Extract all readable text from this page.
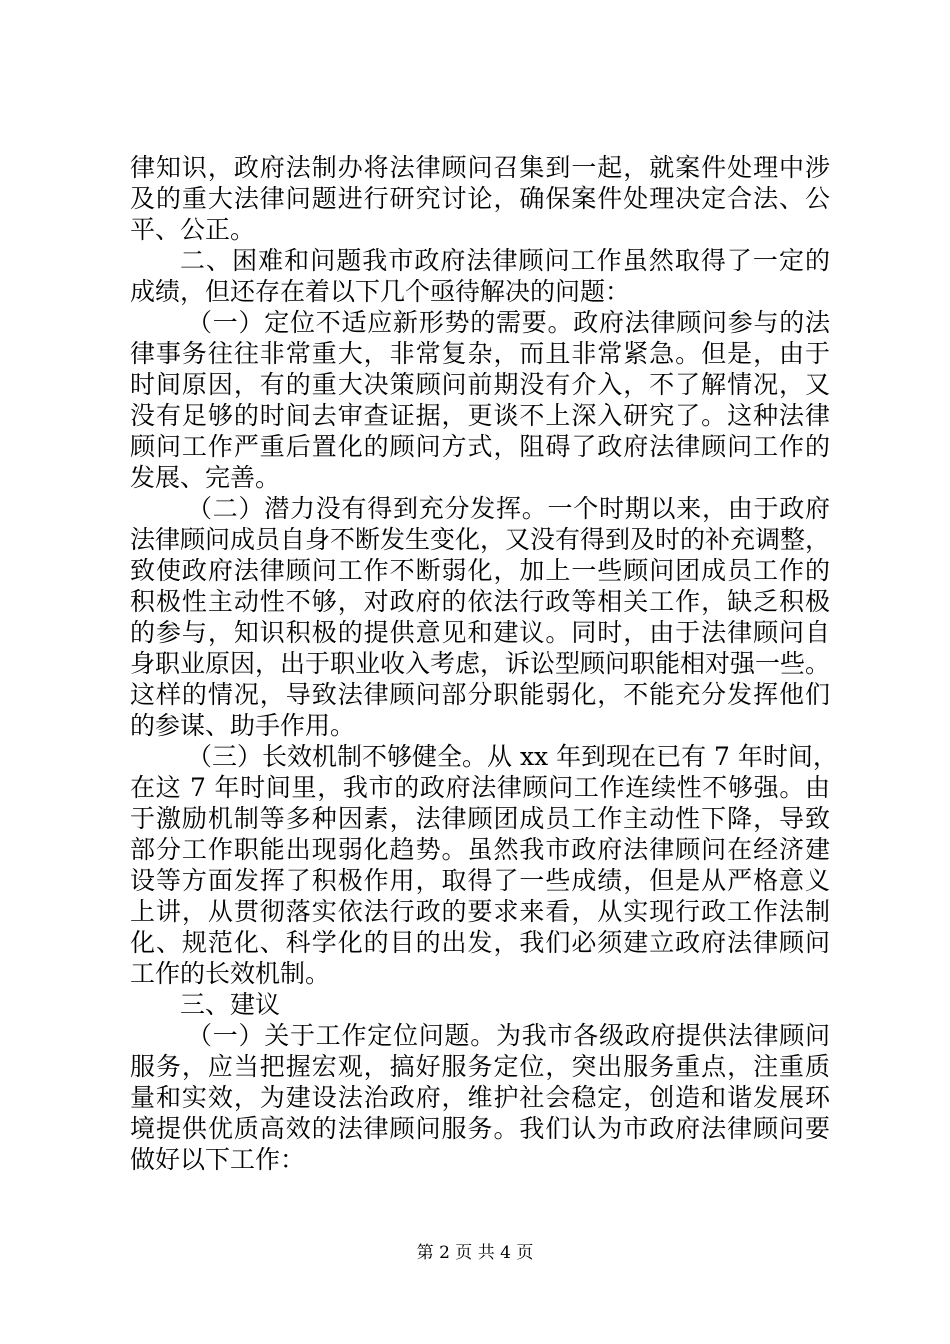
律知识，政府法制办将法律顾问召集到一起，就案件处理中涉
及的重大法律问题进行研究讨论，确保案件处理决定合法、公
平、公正。
二、困难和问题我市政府法律顾问工作虽然取得了一定的
成绩，但还存在着以下几个亟待解决的问题：
（一）定位不适应新形势的需要。政府法律顾问参与的法
律事务往往非常重大，非常复杂，而且非常紧急。但是，由于
时间原因，有的重大决策顾问前期没有介入，不了解情况，又
没有足够的时间去审查证据，更谈不上深入研究了。这种法律
顾问工作严重后置化的顾问方式，阻碍了政府法律顾问工作的
发展、完善。
（二）潜力没有得到充分发挥。一个时期以来，由于政府
法律顾问成员自身不断发生变化，又没有得到及时的补充调整，
致使政府法律顾问工作不断弱化，加上一些顾问团成员工作的
积极性主动性不够，对政府的依法行政等相关工作，缺乏积极
的参与，知识积极的提供意见和建议。同时，由于法律顾问自
身职业原因，出于职业收入考虑，诉讼型顾问职能相对强一些。
这样的情况，导致法律顾问部分职能弱化，不能充分发挥他们
的参谋、助手作用。
（三）长效机制不够健全。从 xx 年到现在已有 7 年时间，
在这 7 年时间里，我市的政府法律顾问工作连续性不够强。由
于激励机制等多种因素，法律顾团成员工作主动性下降，导致
部分工作职能出现弱化趋势。虽然我市政府法律顾问在经济建
设等方面发挥了积极作用，取得了一些成绩，但是从严格意义
上讲，从贯彻落实依法行政的要求来看，从实现行政工作法制
化、规范化、科学化的目的出发，我们必须建立政府法律顾问
工作的长效机制。
三、建议
（一）关于工作定位问题。为我市各级政府提供法律顾问
服务，应当把握宏观，搞好服务定位，突出服务重点，注重质
量和实效，为建设法治政府，维护社会稳定，创造和谐发展环
境提供优质高效的法律顾问服务。我们认为市政府法律顾问要
做好以下工作：
第 2 页 共 4 页
